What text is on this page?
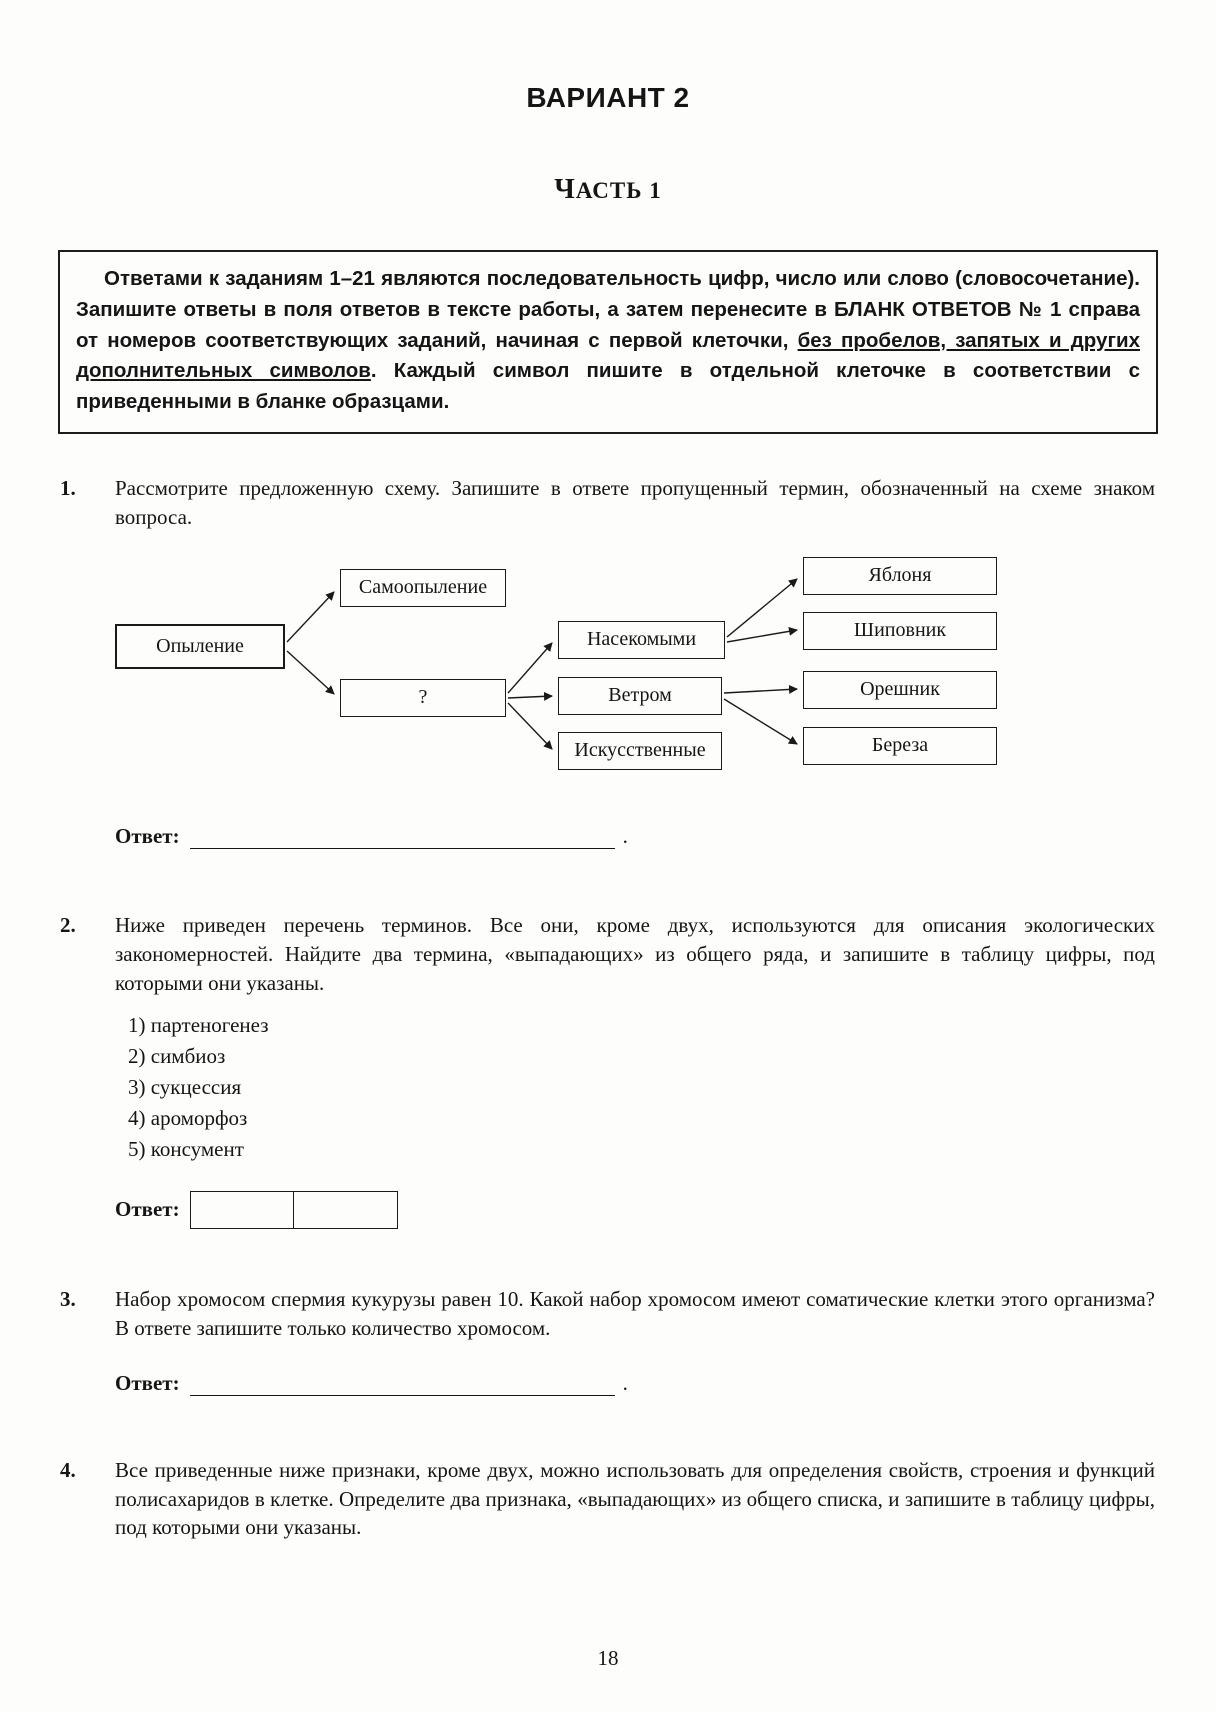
ВАРИАНТ 2
ЧАСТЬ 1
Ответами к заданиям 1–21 являются последовательность цифр, число или слово (словосочетание). Запишите ответы в поля ответов в тексте работы, а затем перенесите в БЛАНК ОТВЕТОВ № 1 справа от номеров соответствующих заданий, начиная с первой клеточки, без пробелов, запятых и других дополнительных символов. Каждый символ пишите в отдельной клеточке в соответствии с приведенными в бланке образцами.
1.	Рассмотрите предложенную схему. Запишите в ответе пропущенный термин, обозначенный на схеме знаком вопроса.
Опыление
Самоопыление
?
Насекомыми
Ветром
Искусственные
Яблоня
Шиповник
Орешник
Береза
Ответ:	.
2.	Ниже приведен перечень терминов. Все они, кроме двух, используются для описания экологических закономерностей. Найдите два термина, «выпадающих» из общего ряда, и запишите в таблицу цифры, под которыми они указаны.
1) партеногенез
2) симбиоз
3) сукцессия
4) ароморфоз
5) консумент
Ответ:
3.	Набор хромосом спермия кукурузы равен 10. Какой набор хромосом имеют соматические клетки этого организма? В ответе запишите только количество хромосом.
Ответ:	.
4.	Все приведенные ниже признаки, кроме двух, можно использовать для определения свойств, строения и функций полисахаридов в клетке. Определите два признака, «выпадающих» из общего списка, и запишите в таблицу цифры, под которыми они указаны.
18
